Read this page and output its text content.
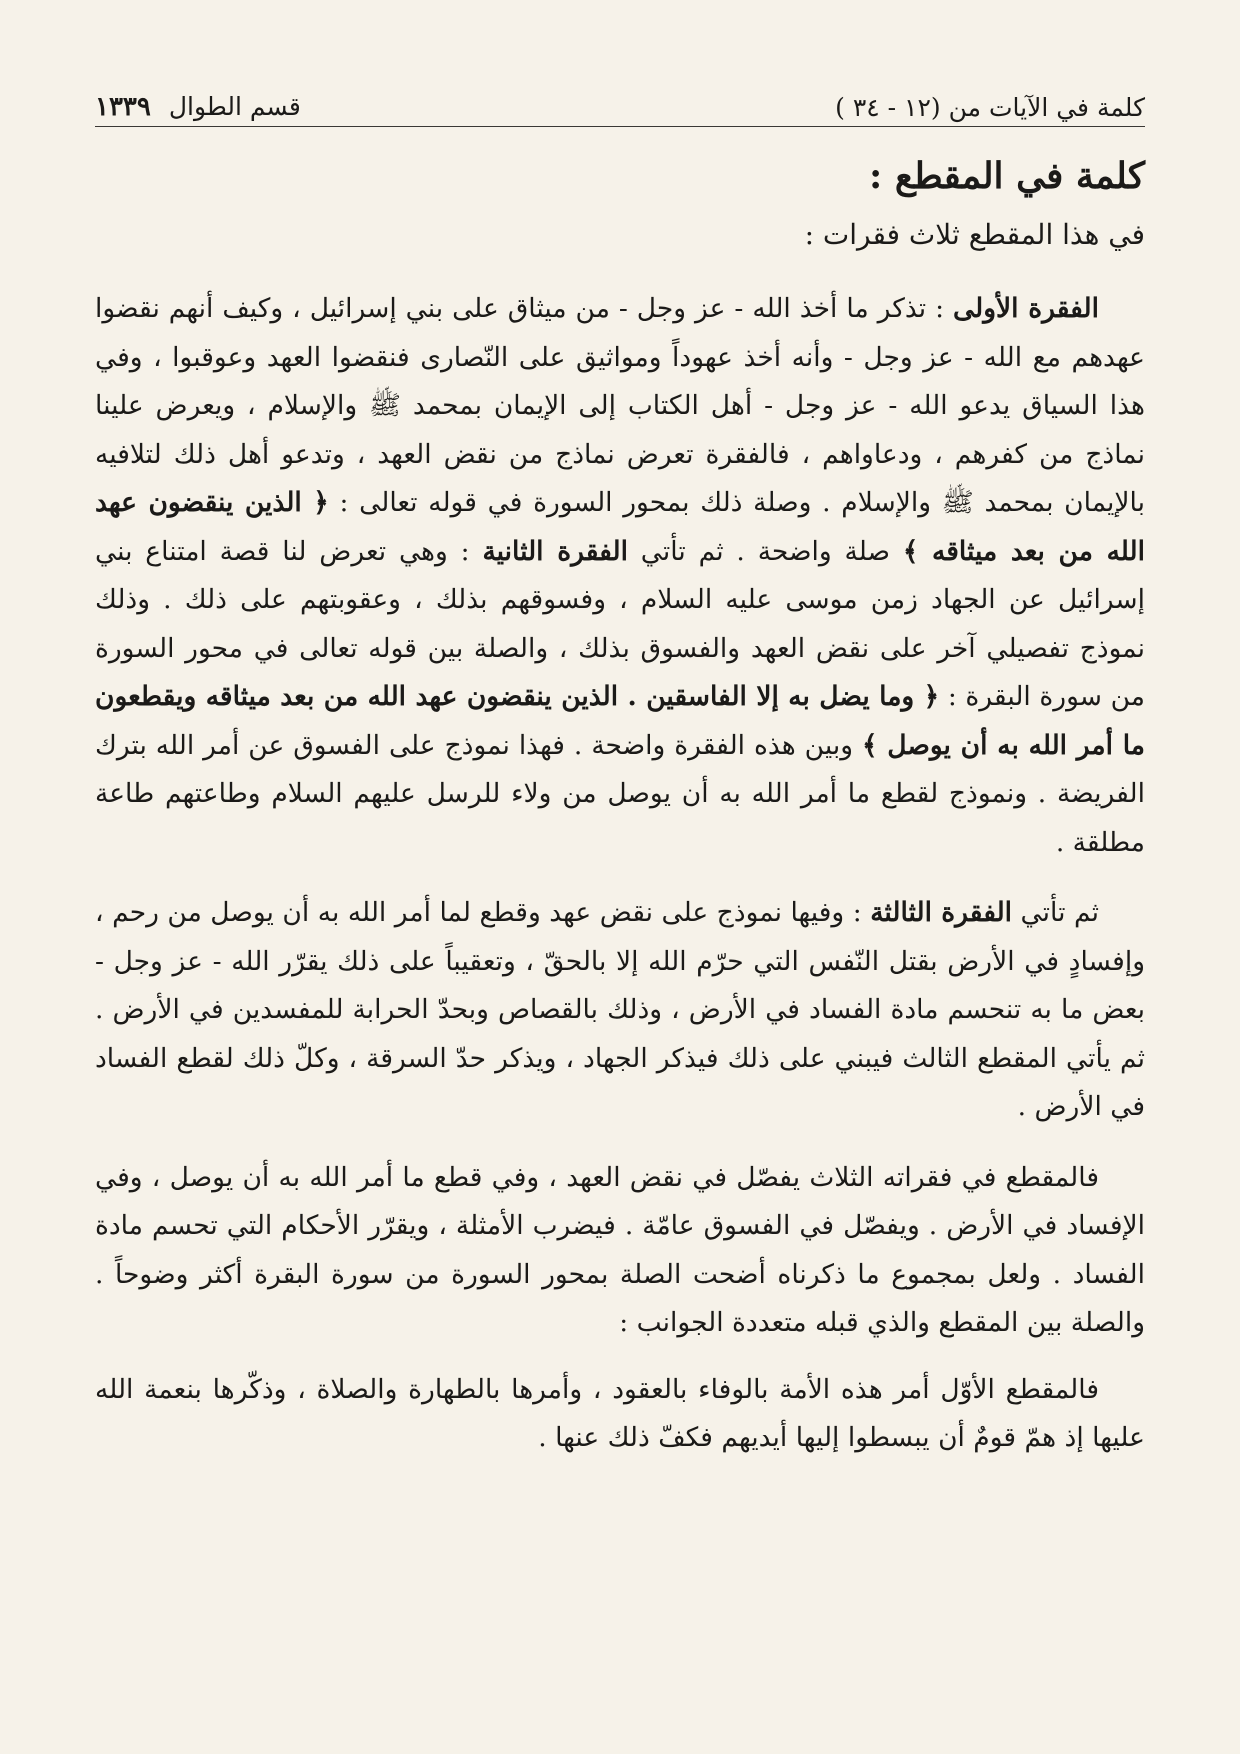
كلمة في الآيات من (١٢ - ٣٤ )
قسم الطوال
١٣٣٩
كلمة في المقطع :

في هذا المقطع ثلاث فقرات :

الفقرة الأولى : تذكر ما أخذ الله - عز وجل - من ميثاق على بني إسرائيل ، وكيف أنهم نقضوا عهدهم مع الله - عز وجل - وأنه أخذ عهوداً ومواثيق على النّصارى فنقضوا العهد وعوقبوا ، وفي هذا السياق يدعو الله - عز وجل - أهل الكتاب إلى الإيمان بمحمد ﷺ والإسلام ، ويعرض علينا نماذج من كفرهم ، ودعاواهم ، فالفقرة تعرض نماذج من نقض العهد ، وتدعو أهل ذلك لتلافيه بالإيمان بمحمد ﷺ والإسلام . وصلة ذلك بمحور السورة في قوله تعالى : ﴿ الذين ينقضون عهد الله من بعد ميثاقه ﴾ صلة واضحة . ثم تأتي الفقرة الثانية : وهي تعرض لنا قصة امتناع بني إسرائيل عن الجهاد زمن موسى عليه السلام ، وفسوقهم بذلك ، وعقوبتهم على ذلك . وذلك نموذج تفصيلي آخر على نقض العهد والفسوق بذلك ، والصلة بين قوله تعالى في محور السورة من سورة البقرة : ﴿ وما يضل به إلا الفاسقين . الذين ينقضون عهد الله من بعد ميثاقه ويقطعون ما أمر الله به أن يوصل ﴾ وبين هذه الفقرة واضحة . فهذا نموذج على الفسوق عن أمر الله بترك الفريضة . ونموذج لقطع ما أمر الله به أن يوصل من ولاء للرسل عليهم السلام وطاعتهم طاعة مطلقة .

ثم تأتي الفقرة الثالثة : وفيها نموذج على نقض عهد وقطع لما أمر الله به أن يوصل من رحم ، وإفسادٍ في الأرض بقتل النّفس التي حرّم الله إلا بالحقّ ، وتعقيباً على ذلك يقرّر الله - عز وجل - بعض ما به تنحسم مادة الفساد في الأرض ، وذلك بالقصاص وبحدّ الحرابة للمفسدين في الأرض . ثم يأتي المقطع الثالث فيبني على ذلك فيذكر الجهاد ، ويذكر حدّ السرقة ، وكلّ ذلك لقطع الفساد في الأرض .

فالمقطع في فقراته الثلاث يفصّل في نقض العهد ، وفي قطع ما أمر الله به أن يوصل ، وفي الإفساد في الأرض . ويفصّل في الفسوق عامّة . فيضرب الأمثلة ، ويقرّر الأحكام التي تحسم مادة الفساد . ولعل بمجموع ما ذكرناه أضحت الصلة بمحور السورة من سورة البقرة أكثر وضوحاً . والصلة بين المقطع والذي قبله متعددة الجوانب :

فالمقطع الأوّل أمر هذه الأمة بالوفاء بالعقود ، وأمرها بالطهارة والصلاة ، وذكّرها بنعمة الله عليها إذ همّ قومٌ أن يبسطوا إليها أيديهم فكفّ ذلك عنها .
